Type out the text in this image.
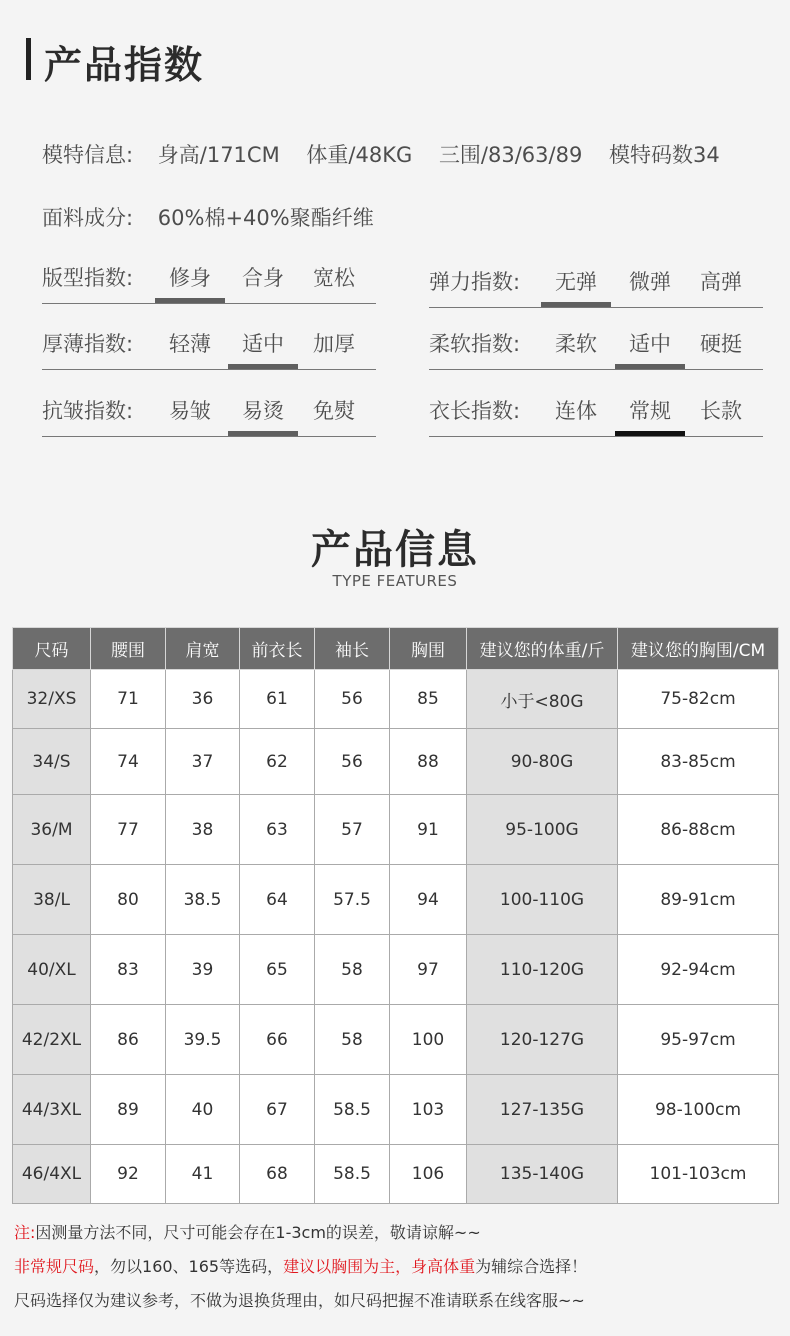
产品指数
模特信息: 身高/171CM 体重/48KG 三围/83/63/89 模特码数34
面料成分: 60%棉+40%聚酯纤维
版型指数:	修身	合身	宽松	弹力指数:	无弹	微弹	高弹
厚薄指数:	轻薄	适中	加厚	柔软指数:	柔软	适中	硬挺
抗皱指数:	易皱	易烫	免熨	衣长指数:	连体	常规	长款
产品信息
TYPE FEATURES
尺码	腰围	肩宽	前衣长	袖长	胸围	建议您的体重/斤	建议您的胸围/CM
32/XS	71	36	61	56	85	小于<80G	75-82cm
34/S	74	37	62	56	88	90-80G	83-85cm
36/M	77	38	63	57	91	95-100G	86-88cm
38/L	80	38.5	64	57.5	94	100-110G	89-91cm
40/XL	83	39	65	58	97	110-120G	92-94cm
42/2XL	86	39.5	66	58	100	120-127G	95-97cm
44/3XL	89	40	67	58.5	103	127-135G	98-100cm
46/4XL	92	41	68	58.5	106	135-140G	101-103cm
注:因测量方法不同，尺寸可能会存在1-3cm的误差，敬请谅解~~
非常规尺码，勿以160、165等选码，建议以胸围为主，身高体重为辅综合选择！
尺码选择仅为建议参考，不做为退换货理由，如尺码把握不准请联系在线客服~~
